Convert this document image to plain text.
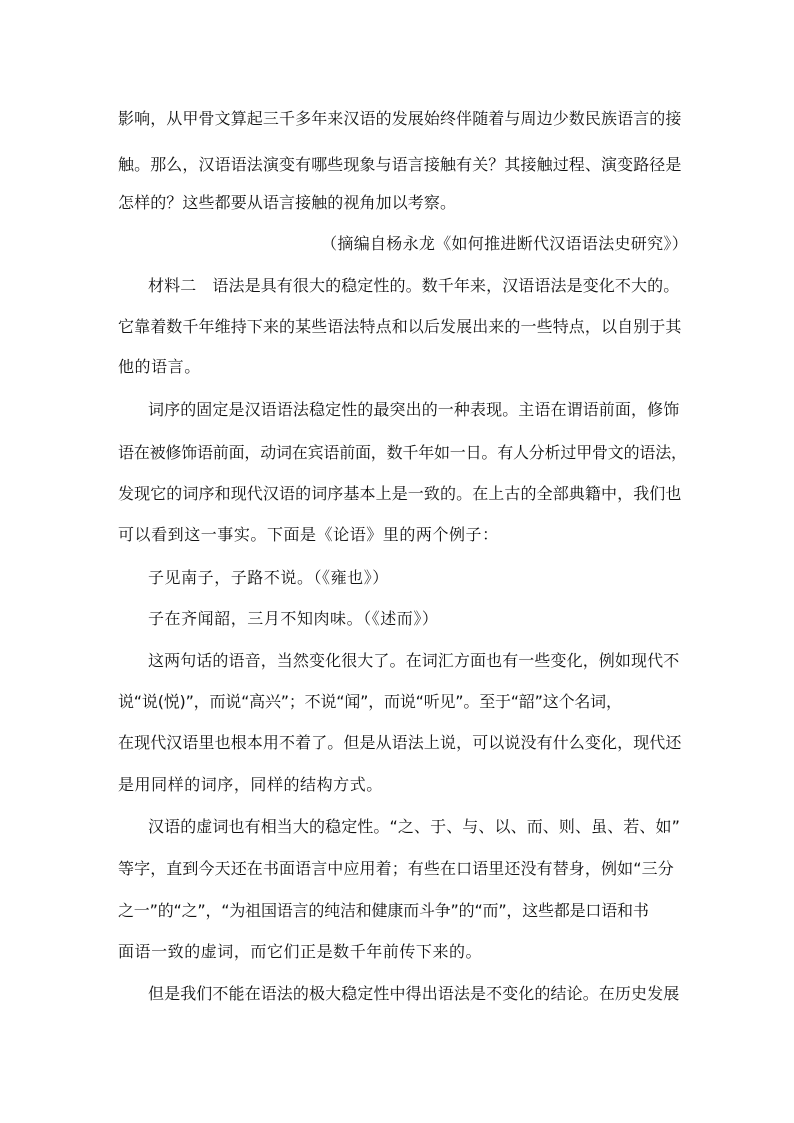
影响，从甲骨文算起三千多年来汉语的发展始终伴随着与周边少数民族语言的接
触。那么，汉语语法演变有哪些现象与语言接触有关？其接触过程、演变路径是
怎样的？这些都要从语言接触的视角加以考察。
（摘编自杨永龙《如何推进断代汉语语法史研究》）
材料二　语法是具有很大的稳定性的。数千年来，汉语语法是变化不大的。
它靠着数千年维持下来的某些语法特点和以后发展出来的一些特点，以自别于其
他的语言。
词序的固定是汉语语法稳定性的最突出的一种表现。主语在谓语前面，修饰
语在被修饰语前面，动词在宾语前面，数千年如一日。有人分析过甲骨文的语法，
发现它的词序和现代汉语的词序基本上是一致的。在上古的全部典籍中，我们也
可以看到这一事实。下面是《论语》里的两个例子：
子见南子，子路不说。（《雍也》）
子在齐闻韶，三月不知肉味。（《述而》）
这两句话的语音，当然变化很大了。在词汇方面也有一些变化，例如现代不
说“说(悦)”，而说“高兴”；不说“闻”，而说“听见”。至于“韶”这个名词，
在现代汉语里也根本用不着了。但是从语法上说，可以说没有什么变化，现代还
是用同样的词序，同样的结构方式。
汉语的虚词也有相当大的稳定性。“之、于、与、以、而、则、虽、若、如”
等字，直到今天还在书面语言中应用着；有些在口语里还没有替身，例如“三分
之一”的“之”，“为祖国语言的纯洁和健康而斗争”的“而”，这些都是口语和书
面语一致的虚词，而它们正是数千年前传下来的。
但是我们不能在语法的极大稳定性中得出语法是不变化的结论。在历史发展
